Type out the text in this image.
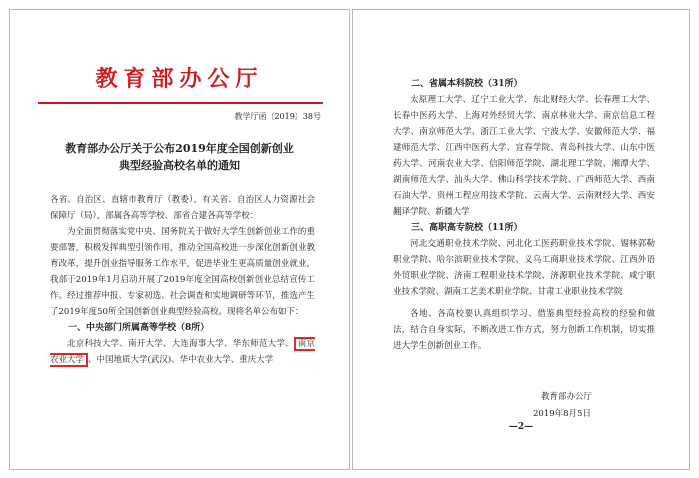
教育部办公厅
教学厅函〔2019〕38号
教育部办公厅关于公布2019年度全国创新创业
典型经验高校名单的通知

各省、自治区、直辖市教育厅（教委），有关省、自治区人力资源社会保障厅（局），部属各高等学校、部省合建各高等学校：

为全面贯彻落实党中央、国务院关于做好大学生创新创业工作的重要部署，积极发挥典型引领作用，推动全国高校进一步深化创新创业教育改革，提升创业指导服务工作水平，促进毕业生更高质量创业就业，我部于2019年1月启动开展了2019年度全国高校创新创业总结宣传工作。经过推荐申报、专家初选、社会调查和实地调研等环节，推选产生了2019年度50所全国创新创业典型经验高校。现将名单公布如下：

一、中央部门所属高等学校（8所）

北京科技大学、南开大学、大连海事大学、华东师范大学、 南京农业大学 、中国地质大学(武汉)、华中农业大学、重庆大学

二、省属本科院校（31所）

太原理工大学、辽宁工业大学、东北财经大学、长春理工大学、长春中医药大学、上海对外经贸大学、南京林业大学、南京信息工程大学、南京师范大学、浙江工业大学、宁波大学、安徽师范大学、福建师范大学、江西中医药大学、宜春学院、青岛科技大学、山东中医药大学、河南农业大学、信阳师范学院、湖北理工学院、湘潭大学、湖南师范大学、汕头大学、佛山科学技术学院、广西师范大学、西南石油大学、贵州工程应用技术学院、云南大学、云南财经大学、西安翻译学院、新疆大学

三、高职高专院校（11所）

河北交通职业技术学院、河北化工医药职业技术学院、锡林郭勒职业学院、哈尔滨职业技术学院、义乌工商职业技术学院、江西外语外贸职业学院、济南工程职业技术学院、济源职业技术学院、咸宁职业技术学院、湖南工艺美术职业学院、甘肃工业职业技术学院

各地、各高校要认真组织学习、借鉴典型经验高校的经验和做法，结合自身实际，不断改进工作方式，努力创新工作机制，切实推进大学生创新创业工作。

教育部办公厅
2019年8月5日
—2—
